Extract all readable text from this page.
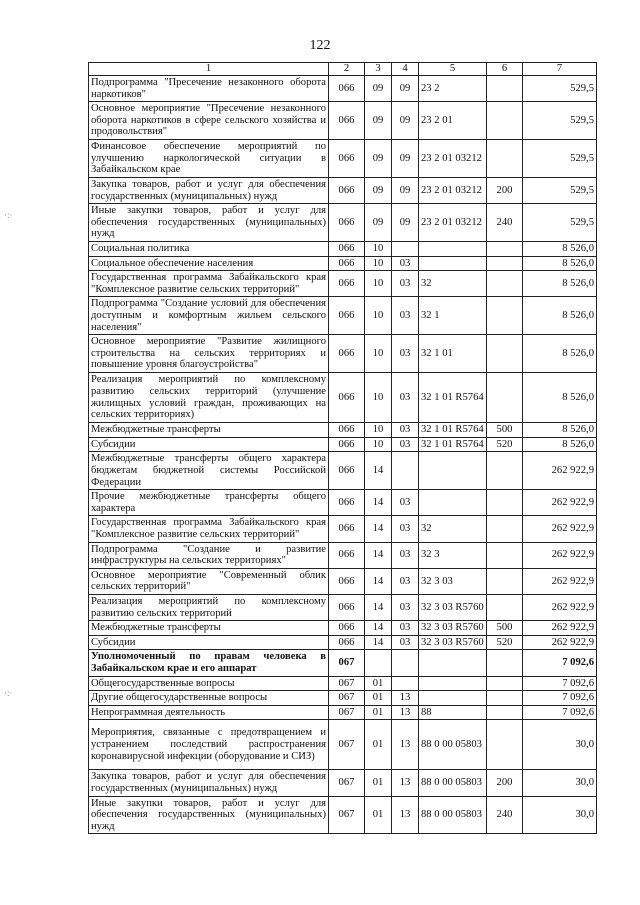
122
·:·
·:·
1	2	3	4	5	6	7
Подпрограмма "Пресечение незаконного оборота наркотиков"	066	09	09	23 2		529,5
Основное мероприятие "Пресечение незаконного оборота наркотиков в сфере сельского хозяйства и продовольствия"	066	09	09	23 2 01		529,5
Финансовое обеспечение мероприятий по улучшению наркологической ситуации в Забайкальском крае	066	09	09	23 2 01 03212		529,5
Закупка товаров, работ и услуг для обеспечения государственных (муниципальных) нужд	066	09	09	23 2 01 03212	200	529,5
Иные закупки товаров, работ и услуг для обеспечения государственных (муниципальных) нужд	066	09	09	23 2 01 03212	240	529,5
Социальная политика	066	10				8 526,0
Социальное обеспечение населения	066	10	03			8 526,0
Государственная программа Забайкальского края "Комплексное развитие сельских территорий"	066	10	03	32		8 526,0
Подпрограмма "Создание условий для обеспечения доступным и комфортным жильем сельского населения"	066	10	03	32 1		8 526,0
Основное мероприятие "Развитие жилищного строительства на сельских территориях и повышение уровня благоустройства"	066	10	03	32 1 01		8 526,0
Реализация мероприятий по комплексному развитию сельских территорий (улучшение жилищных условий граждан, проживающих на сельских территориях)	066	10	03	32 1 01 R5764		8 526,0
Межбюджетные трансферты	066	10	03	32 1 01 R5764	500	8 526,0
Субсидии	066	10	03	32 1 01 R5764	520	8 526,0
Межбюджетные трансферты общего характера бюджетам бюджетной системы Российской Федерации	066	14				262 922,9
Прочие межбюджетные трансферты общего характера	066	14	03			262 922,9
Государственная программа Забайкальского края "Комплексное развитие сельских территорий"	066	14	03	32		262 922,9
Подпрограмма "Создание и развитие инфраструктуры на сельских территориях"	066	14	03	32 3		262 922,9
Основное мероприятие "Современный облик сельских территорий"	066	14	03	32 3 03		262 922,9
Реализация мероприятий по комплексному развитию сельских территорий	066	14	03	32 3 03 R5760		262 922,9
Межбюджетные трансферты	066	14	03	32 3 03 R5760	500	262 922,9
Субсидии	066	14	03	32 3 03 R5760	520	262 922,9
Уполномоченный по правам человека в Забайкальском крае и его аппарат	067					7 092,6
Общегосударственные вопросы	067	01				7 092,6
Другие общегосударственные вопросы	067	01	13			7 092,6
Непрограммная деятельность	067	01	13	88		7 092,6
Мероприятия, связанные с предотвращением и устранением последствий распространения коронавирусной инфекции (оборудование и СИЗ)	067	01	13	88 0 00 05803		30,0
Закупка товаров, работ и услуг для обеспечения государственных (муниципальных) нужд	067	01	13	88 0 00 05803	200	30,0
Иные закупки товаров, работ и услуг для обеспечения государственных (муниципальных) нужд	067	01	13	88 0 00 05803	240	30,0
